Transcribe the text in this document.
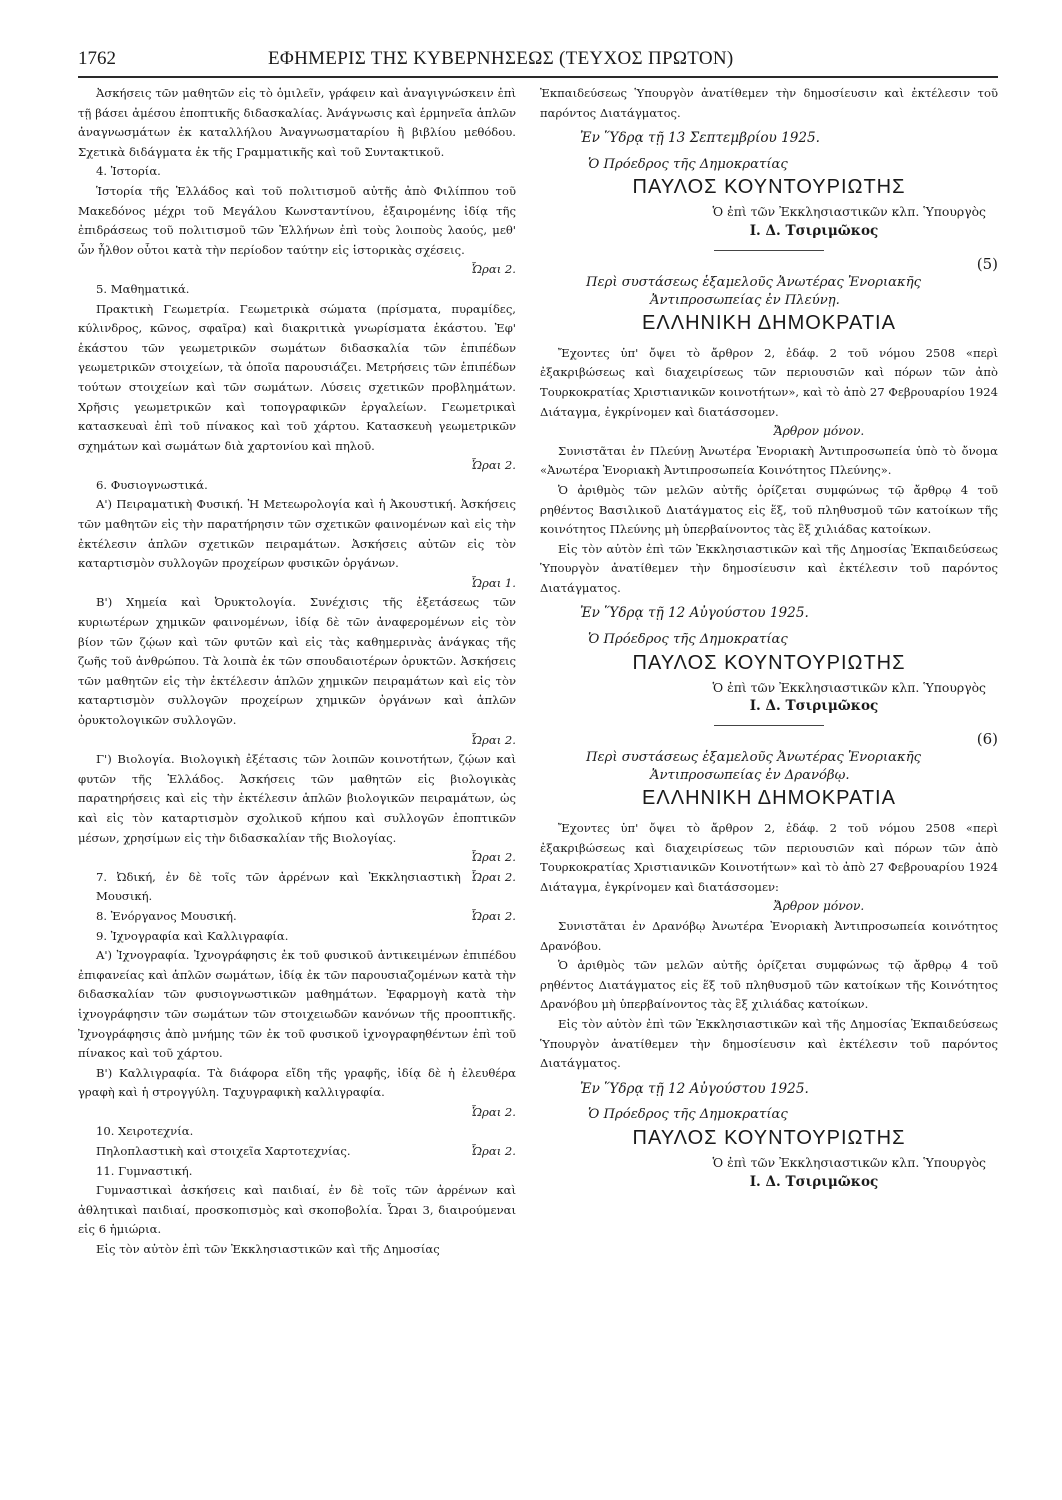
1762	ΕΦΗΜΕΡΙΣ ΤΗΣ ΚΥΒΕΡΝΗΣΕΩΣ (ΤΕΥΧΟΣ ΠΡΩΤΟΝ)

Ἀσκήσεις τῶν μαθητῶν εἰς τὸ ὁμιλεῖν, γράφειν καὶ ἀναγιγνώσκειν ἐπὶ τῇ βάσει ἀμέσου ἐποπτικῆς διδασκαλίας. Ἀνάγνωσις καὶ ἑρμηνεῖα ἁπλῶν ἀναγνωσμάτων ἐκ καταλλήλου Ἀναγνωσματαρίου ἢ βιβλίου μεθόδου. Σχετικὰ διδάγματα ἐκ τῆς Γραμματικῆς καὶ τοῦ Συντακτικοῦ.

4. Ἱστορία.

Ἱστορία τῆς Ἑλλάδος καὶ τοῦ πολιτισμοῦ αὐτῆς ἀπὸ Φιλίππου τοῦ Μακεδόνος μέχρι τοῦ Μεγάλου Κωνσταντίνου, ἐξαιρομένης ἰδίᾳ τῆς ἐπιδράσεως τοῦ πολιτισμοῦ τῶν Ἑλλήνων ἐπὶ τοὺς λοιποὺς λαούς, μεθ' ὧν ἦλθον οὗτοι κατὰ τὴν περίοδον ταύτην εἰς ἱστορικὰς σχέσεις.

Ὧραι 2.

5. Μαθηματικά.

Πρακτικὴ Γεωμετρία. Γεωμετρικὰ σώματα (πρίσματα, πυραμίδες, κύλινδρος, κῶνος, σφαῖρα) καὶ διακριτικὰ γνωρίσματα ἑκάστου. Ἐφ' ἑκάστου τῶν γεωμετρικῶν σωμάτων διδασκαλία τῶν ἐπιπέδων γεωμετρικῶν στοιχείων, τὰ ὁποῖα παρουσιάζει. Μετρήσεις τῶν ἐπιπέδων τούτων στοιχείων καὶ τῶν σωμάτων. Λύσεις σχετικῶν προβλημάτων. Χρῆσις γεωμετρικῶν καὶ τοπογραφικῶν ἐργαλείων. Γεωμετρικαὶ κατασκευαὶ ἐπὶ τοῦ πίνακος καὶ τοῦ χάρτου. Κατασκευὴ γεωμετρικῶν σχημάτων καὶ σωμάτων διὰ χαρτονίου καὶ πηλοῦ.

Ὧραι 2.

6. Φυσιογνωστικά.

Α') Πειραματικὴ Φυσική. Ἡ Μετεωρολογία καὶ ἡ Ἀκουστική. Ἀσκήσεις τῶν μαθητῶν εἰς τὴν παρατήρησιν τῶν σχετικῶν φαινομένων καὶ εἰς τὴν ἐκτέλεσιν ἁπλῶν σχετικῶν πειραμάτων. Ἀσκήσεις αὐτῶν εἰς τὸν καταρτισμὸν συλλογῶν προχείρων φυσικῶν ὀργάνων.

Ὧραι 1.

Β') Χημεία καὶ Ὀρυκτολογία. Συνέχισις τῆς ἐξετάσεως τῶν κυριωτέρων χημικῶν φαινομένων, ἰδίᾳ δὲ τῶν ἀναφερομένων εἰς τὸν βίον τῶν ζῴων καὶ τῶν φυτῶν καὶ εἰς τὰς καθημερινὰς ἀνάγκας τῆς ζωῆς τοῦ ἀνθρώπου. Τὰ λοιπὰ ἐκ τῶν σπουδαιοτέρων ὀρυκτῶν. Ἀσκήσεις τῶν μαθητῶν εἰς τὴν ἐκτέλεσιν ἁπλῶν χημικῶν πειραμάτων καὶ εἰς τὸν καταρτισμὸν συλλογῶν προχείρων χημικῶν ὀργάνων καὶ ἁπλῶν ὀρυκτολογικῶν συλλογῶν.

Ὧραι 2.

Γ') Βιολογία. Βιολογικὴ ἐξέτασις τῶν λοιπῶν κοινοτήτων, ζῴων καὶ φυτῶν τῆς Ἑλλάδος. Ἀσκήσεις τῶν μαθητῶν εἰς βιολογικὰς παρατηρήσεις καὶ εἰς τὴν ἐκτέλεσιν ἁπλῶν βιολογικῶν πειραμάτων, ὡς καὶ εἰς τὸν καταρτισμὸν σχολικοῦ κήπου καὶ συλλογῶν ἐποπτικῶν μέσων, χρησίμων εἰς τὴν διδασκαλίαν τῆς Βιολογίας.

Ὧραι 2.
7. Ὠδική, ἐν δὲ τοῖς τῶν ἀρρένων καὶ Ἐκκλησιαστικὴ Μουσική.
Ὧραι 2.
8. Ἐνόργανος Μουσική.	Ὧραι 2.

9. Ἰχνογραφία καὶ Καλλιγραφία.

Α') Ἰχνογραφία. Ἰχνογράφησις ἐκ τοῦ φυσικοῦ ἀντικειμένων ἐπιπέδου ἐπιφανείας καὶ ἁπλῶν σωμάτων, ἰδίᾳ ἐκ τῶν παρουσιαζομένων κατὰ τὴν διδασκαλίαν τῶν φυσιογνωστικῶν μαθημάτων. Ἐφαρμογὴ κατὰ τὴν ἰχνογράφησιν τῶν σωμάτων τῶν στοιχειωδῶν κανόνων τῆς προοπτικῆς. Ἰχνογράφησις ἀπὸ μνήμης τῶν ἐκ τοῦ φυσικοῦ ἰχνογραφηθέντων ἐπὶ τοῦ πίνακος καὶ τοῦ χάρτου.

Β') Καλλιγραφία. Τὰ διάφορα εἴδη τῆς γραφῆς, ἰδίᾳ δὲ ἡ ἐλευθέρα γραφὴ καὶ ἡ στρογγύλη. Ταχυγραφικὴ καλλιγραφία.

Ὧραι 2.

10. Χειροτεχνία.

Πηλοπλαστικὴ καὶ στοιχεῖα Χαρτοτεχνίας.	Ὧραι 2.

11. Γυμναστική.

Γυμναστικαὶ ἀσκήσεις καὶ παιδιαί, ἐν δὲ τοῖς τῶν ἀρρένων καὶ ἀθλητικαὶ παιδιαί, προσκοπισμὸς καὶ σκοποβολία. Ὧραι 3, διαιρούμεναι εἰς 6 ἡμιώρια.

Εἰς τὸν αὐτὸν ἐπὶ τῶν Ἐκκλησιαστικῶν καὶ τῆς Δημοσίας

Ἐκπαιδεύσεως Ὑπουργὸν ἀνατίθεμεν τὴν δημοσίευσιν καὶ ἐκτέλεσιν τοῦ παρόντος Διατάγματος.

Ἐν Ὕδρᾳ τῇ 13 Σεπτεμβρίου 1925.

Ὁ Πρόεδρος τῆς Δημοκρατίας

ΠΑΥΛΟΣ ΚΟΥΝΤΟΥΡΙΩΤΗΣ

Ὁ ἐπὶ τῶν Ἐκκλησιαστικῶν κλπ. Ὑπουργὸς

Ι. Δ. Τσιριμῶκος

(5)

Περὶ συστάσεως ἑξαμελοῦς Ἀνωτέρας Ἐνοριακῆς

Ἀντιπροσωπείας ἐν Πλεύνῃ.

ΕΛΛΗΝΙΚΗ ΔΗΜΟΚΡΑΤΙΑ

Ἔχοντες ὑπ' ὄψει τὸ ἄρθρον 2, ἐδάφ. 2 τοῦ νόμου 2508 «περὶ ἐξακριβώσεως καὶ διαχειρίσεως τῶν περιουσιῶν καὶ πόρων τῶν ἀπὸ Τουρκοκρατίας Χριστιανικῶν κοινοτήτων», καὶ τὸ ἀπὸ 27 Φεβρουαρίου 1924 Διάταγμα, ἐγκρίνομεν καὶ διατάσσομεν.

Ἄρθρον μόνον.

Συνιστᾶται ἐν Πλεύνῃ Ἀνωτέρα Ἐνοριακὴ Ἀντιπροσωπεία ὑπὸ τὸ ὄνομα «Ἀνωτέρα Ἐνοριακὴ Ἀντιπροσωπεία Κοινότητος Πλεύνης».

Ὁ ἀριθμὸς τῶν μελῶν αὐτῆς ὁρίζεται συμφώνως τῷ ἄρθρῳ 4 τοῦ ρηθέντος Βασιλικοῦ Διατάγματος εἰς ἕξ, τοῦ πληθυσμοῦ τῶν κατοίκων τῆς κοινότητος Πλεύνης μὴ ὑπερβαίνοντος τὰς ἓξ χιλιάδας κατοίκων.

Εἰς τὸν αὐτὸν ἐπὶ τῶν Ἐκκλησιαστικῶν καὶ τῆς Δημοσίας Ἐκπαιδεύσεως Ὑπουργὸν ἀνατίθεμεν τὴν δημοσίευσιν καὶ ἐκτέλεσιν τοῦ παρόντος Διατάγματος.

Ἐν Ὕδρᾳ τῇ 12 Αὐγούστου 1925.

Ὁ Πρόεδρος τῆς Δημοκρατίας

ΠΑΥΛΟΣ ΚΟΥΝΤΟΥΡΙΩΤΗΣ

Ὁ ἐπὶ τῶν Ἐκκλησιαστικῶν κλπ. Ὑπουργὸς

Ι. Δ. Τσιριμῶκος

(6)

Περὶ συστάσεως ἑξαμελοῦς Ἀνωτέρας Ἐνοριακῆς

Ἀντιπροσωπείας ἐν Δρανόβῳ.

ΕΛΛΗΝΙΚΗ ΔΗΜΟΚΡΑΤΙΑ

Ἔχοντες ὑπ' ὄψει τὸ ἄρθρον 2, ἐδάφ. 2 τοῦ νόμου 2508 «περὶ ἐξακριβώσεως καὶ διαχειρίσεως τῶν περιουσιῶν καὶ πόρων τῶν ἀπὸ Τουρκοκρατίας Χριστιανικῶν Κοινοτήτων» καὶ τὸ ἀπὸ 27 Φεβρουαρίου 1924 Διάταγμα, ἐγκρίνομεν καὶ διατάσσομεν:

Ἄρθρον μόνον.

Συνιστᾶται ἐν Δρανόβῳ Ἀνωτέρα Ἐνοριακὴ Ἀντιπροσωπεία κοινότητος Δρανόβου.

Ὁ ἀριθμὸς τῶν μελῶν αὐτῆς ὁρίζεται συμφώνως τῷ ἄρθρῳ 4 τοῦ ρηθέντος Διατάγματος εἰς ἕξ τοῦ πληθυσμοῦ τῶν κατοίκων τῆς Κοινότητος Δρανόβου μὴ ὑπερβαίνοντος τὰς ἓξ χιλιάδας κατοίκων.

Εἰς τὸν αὐτὸν ἐπὶ τῶν Ἐκκλησιαστικῶν καὶ τῆς Δημοσίας Ἐκπαιδεύσεως Ὑπουργὸν ἀνατίθεμεν τὴν δημοσίευσιν καὶ ἐκτέλεσιν τοῦ παρόντος Διατάγματος.

Ἐν Ὕδρᾳ τῇ 12 Αὐγούστου 1925.

Ὁ Πρόεδρος τῆς Δημοκρατίας

ΠΑΥΛΟΣ ΚΟΥΝΤΟΥΡΙΩΤΗΣ

Ὁ ἐπὶ τῶν Ἐκκλησιαστικῶν κλπ. Ὑπουργὸς

Ι. Δ. Τσιριμῶκος
